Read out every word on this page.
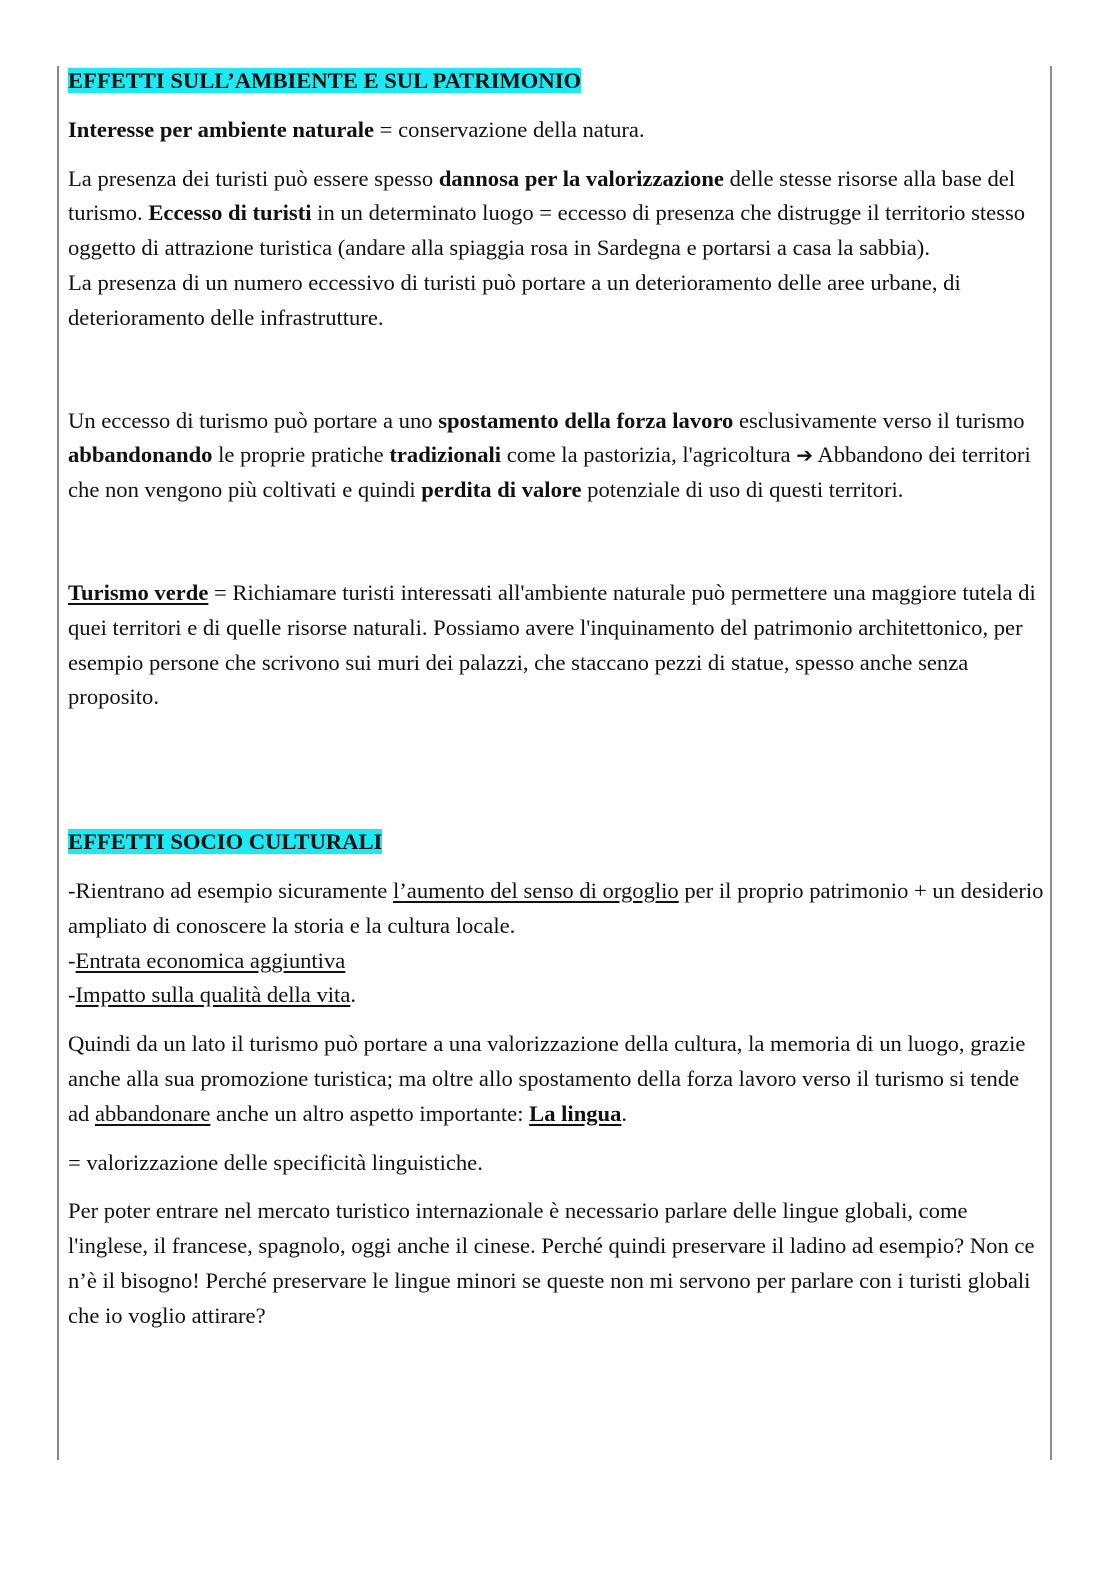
EFFETTI SULL’AMBIENTE E SUL PATRIMONIO

Interesse per ambiente naturale = conservazione della natura.

La presenza dei turisti può essere spesso dannosa per la valorizzazione delle stesse risorse alla base del turismo. Eccesso di turisti in un determinato luogo = eccesso di presenza che distrugge il territorio stesso oggetto di attrazione turistica (andare alla spiaggia rosa in Sardegna e portarsi a casa la sabbia).
La presenza di un numero eccessivo di turisti può portare a un deterioramento delle aree urbane, di deterioramento delle infrastrutture.

Un eccesso di turismo può portare a uno spostamento della forza lavoro esclusivamente verso il turismo abbandonando le proprie pratiche tradizionali come la pastorizia, l'agricoltura ➔ Abbandono dei territori che non vengono più coltivati e quindi perdita di valore potenziale di uso di questi territori.

Turismo verde = Richiamare turisti interessati all'ambiente naturale può permettere una maggiore tutela di quei territori e di quelle risorse naturali. Possiamo avere l'inquinamento del patrimonio architettonico, per esempio persone che scrivono sui muri dei palazzi, che staccano pezzi di statue, spesso anche senza proposito.

EFFETTI SOCIO CULTURALI

-Rientrano ad esempio sicuramente l’aumento del senso di orgoglio per il proprio patrimonio + un desiderio ampliato di conoscere la storia e la cultura locale.
-Entrata economica aggiuntiva
-Impatto sulla qualità della vita.

Quindi da un lato il turismo può portare a una valorizzazione della cultura, la memoria di un luogo, grazie anche alla sua promozione turistica; ma oltre allo spostamento della forza lavoro verso il turismo si tende ad abbandonare anche un altro aspetto importante: La lingua.

= valorizzazione delle specificità linguistiche.

Per poter entrare nel mercato turistico internazionale è necessario parlare delle lingue globali, come l'inglese, il francese, spagnolo, oggi anche il cinese. Perché quindi preservare il ladino ad esempio? Non ce n’è il bisogno! Perché preservare le lingue minori se queste non mi servono per parlare con i turisti globali che io voglio attirare?
